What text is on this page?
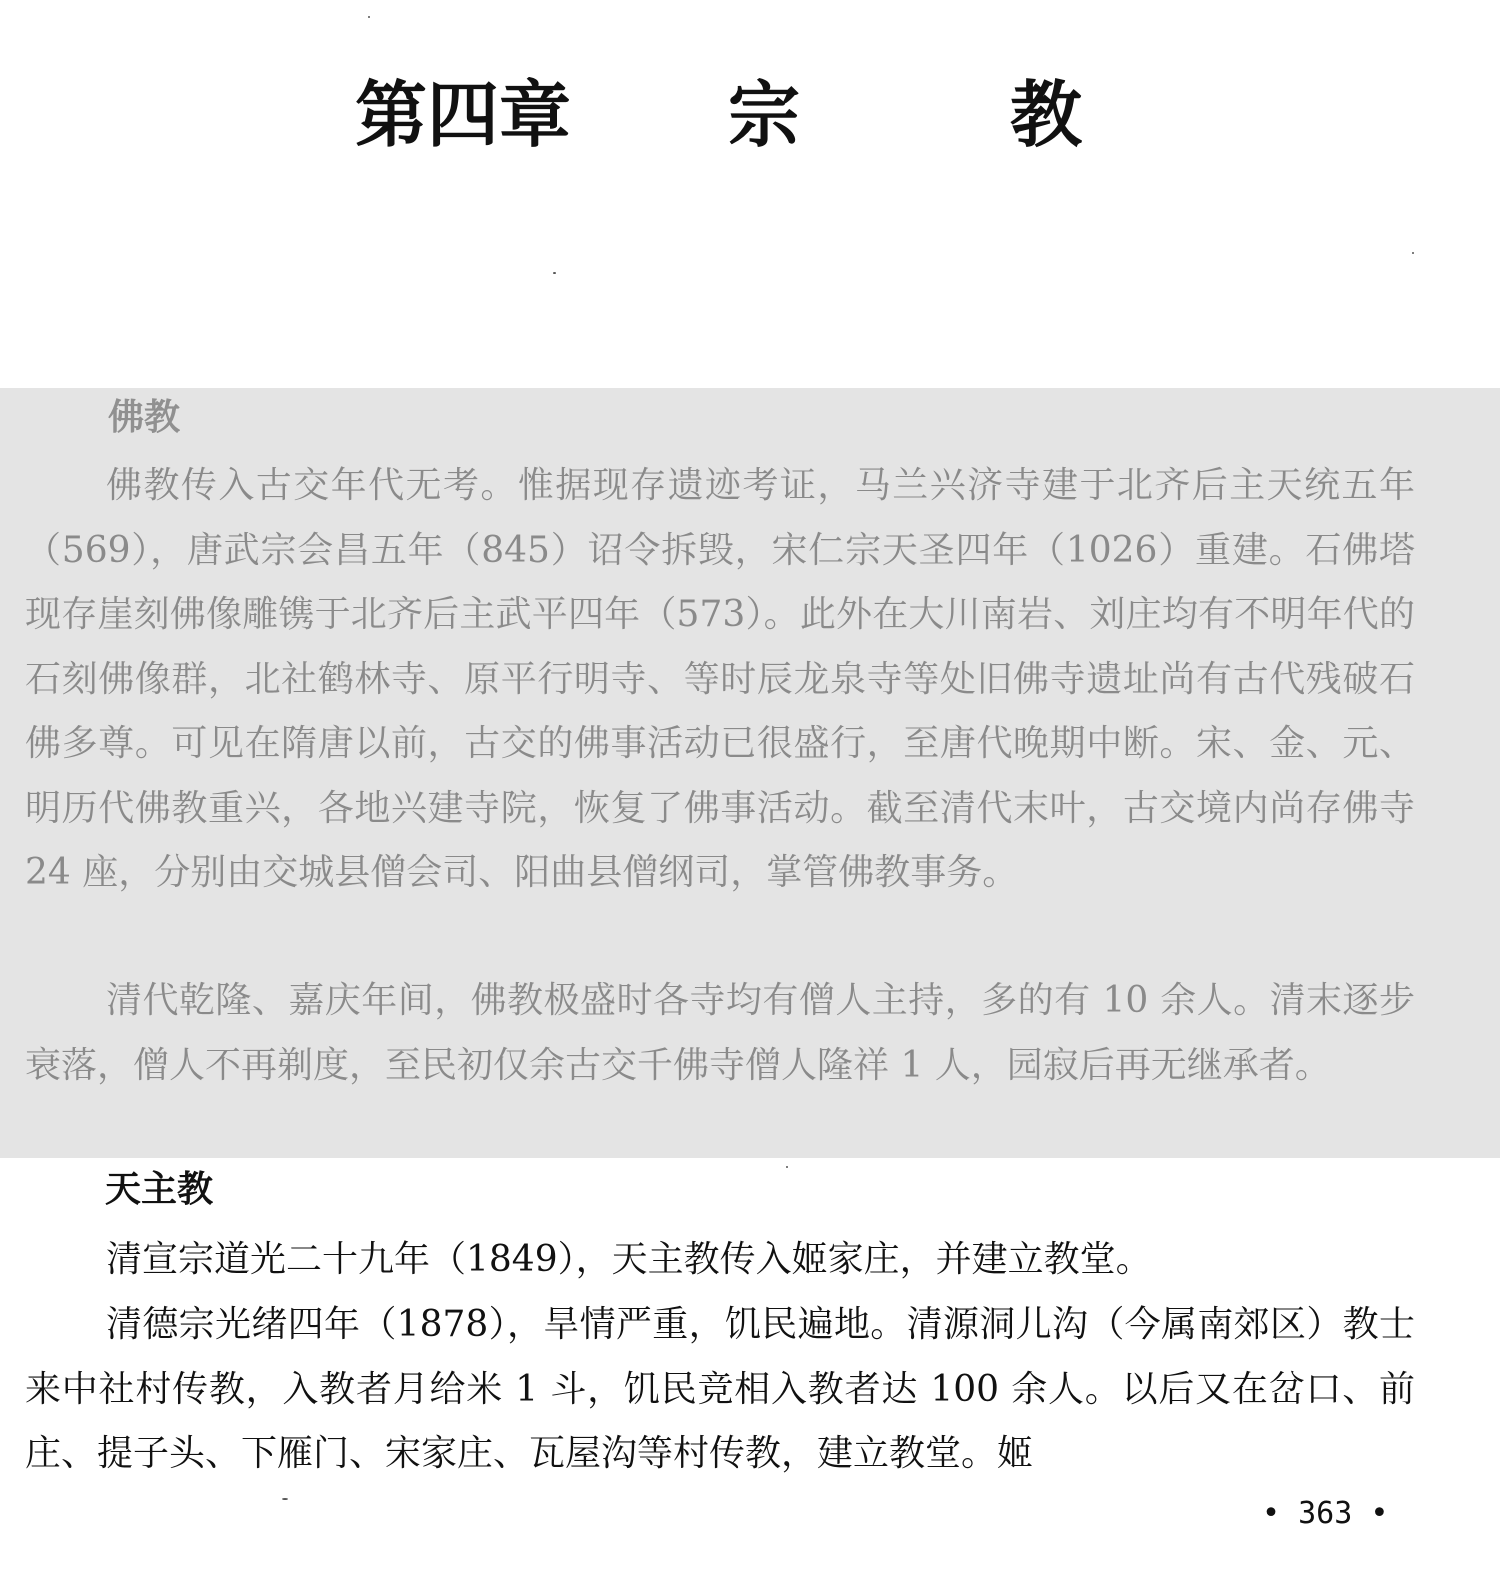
第四章 宗	教
佛教

佛教传入古交年代无考。惟据现存遗迹考证，马兰兴济寺建于北齐后主天统五年（569），唐武宗会昌五年（845）诏令拆毁，宋仁宗天圣四年（1026）重建。石佛塔现存崖刻佛像雕镌于北齐后主武平四年（573）。此外在大川南岩、刘庄均有不明年代的石刻佛像群，北社鹤林寺、原平行明寺、等时辰龙泉寺等处旧佛寺遗址尚有古代残破石佛多尊。可见在隋唐以前，古交的佛事活动已很盛行，至唐代晚期中断。宋、金、元、明历代佛教重兴，各地兴建寺院，恢复了佛事活动。截至清代末叶，古交境内尚存佛寺 24 座，分别由交城县僧会司、阳曲县僧纲司，掌管佛教事务。

清代乾隆、嘉庆年间，佛教极盛时各寺均有僧人主持，多的有 10 余人。清末逐步衰落，僧人不再剃度，至民初仅余古交千佛寺僧人隆祥 1 人，园寂后再无继承者。

天主教

清宣宗道光二十九年（1849），天主教传入姬家庄，并建立教堂。

清德宗光绪四年（1878），旱情严重，饥民遍地。清源洞儿沟（今属南郊区）教士来中社村传教，入教者月给米 1 斗，饥民竞相入教者达 100 余人。以后又在岔口、前庄、提子头、下雁门、宋家庄、瓦屋沟等村传教，建立教堂。姬

• 363 •
